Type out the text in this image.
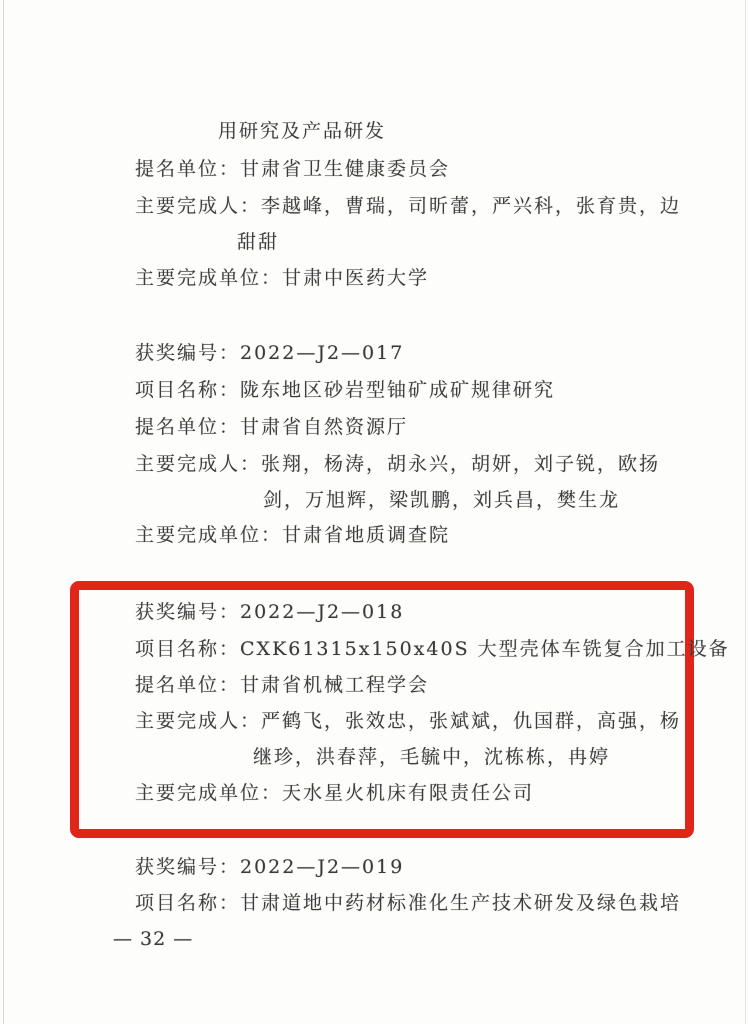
用研究及产品研发
提名单位：甘肃省卫生健康委员会
主要完成人：李越峰，曹瑞，司昕蕾，严兴科，张育贵，边
甜甜
主要完成单位：甘肃中医药大学
获奖编号：2022—J2—017
项目名称：陇东地区砂岩型铀矿成矿规律研究
提名单位：甘肃省自然资源厅
主要完成人：张翔，杨涛，胡永兴，胡妍，刘子锐，欧扬
剑，万旭辉，梁凯鹏，刘兵昌，樊生龙
主要完成单位：甘肃省地质调查院
获奖编号：2022—J2—018
项目名称：CXK61315x150x40S 大型壳体车铣复合加工设备
提名单位：甘肃省机械工程学会
主要完成人：严鹤飞，张效忠，张斌斌，仇国群，高强，杨
继珍，洪春萍，毛毓中，沈栋栋，冉婷
主要完成单位：天水星火机床有限责任公司
获奖编号：2022—J2—019
项目名称：甘肃道地中药材标准化生产技术研发及绿色栽培
— 32 —
